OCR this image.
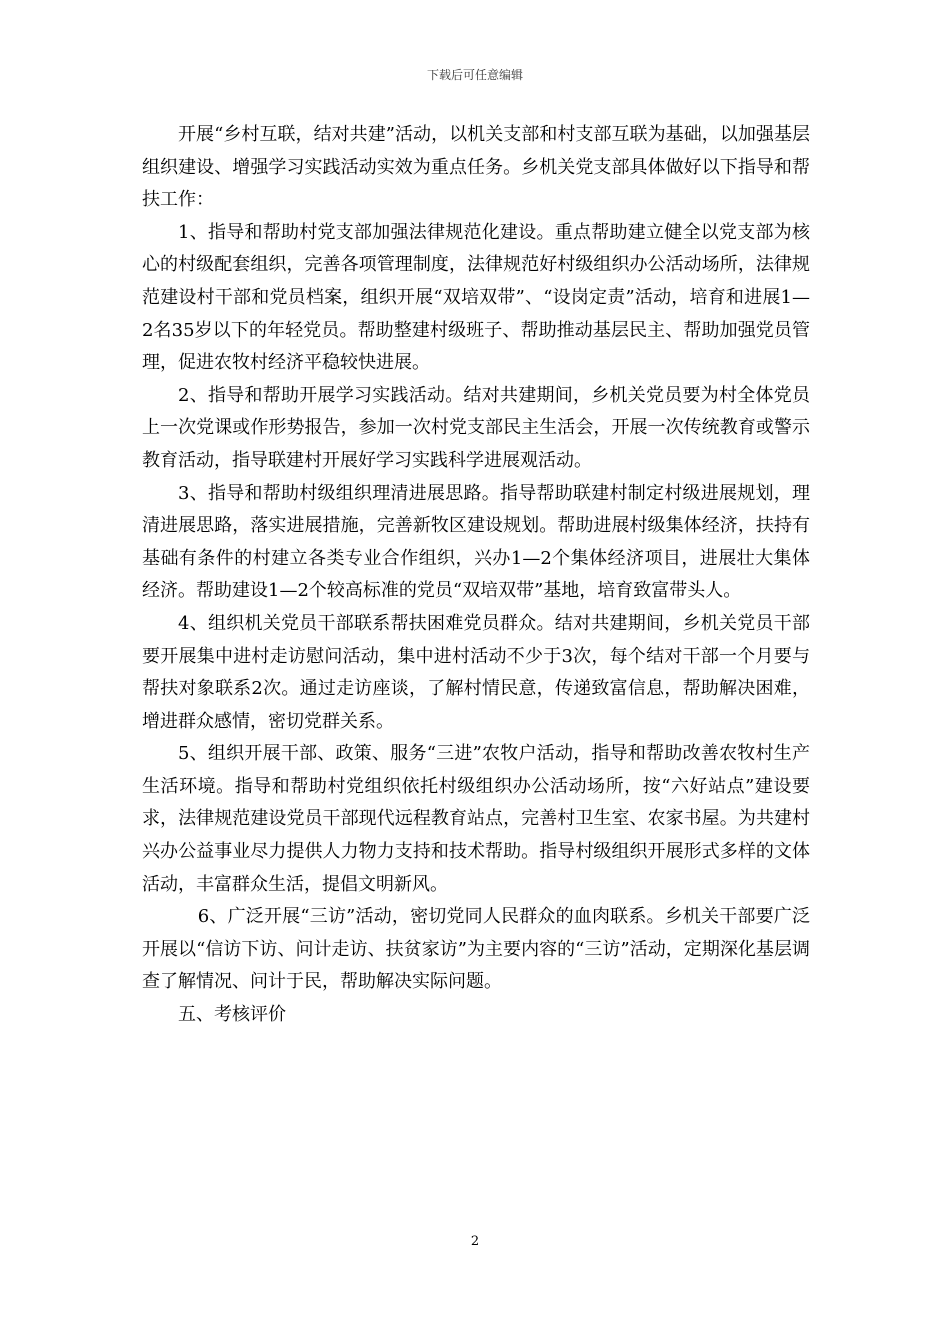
下载后可任意编辑

开展“乡村互联，结对共建”活动，以机关支部和村支部互联为基础，以加强基层组织建设、增强学习实践活动实效为重点任务。乡机关党支部具体做好以下指导和帮扶工作：

1、指导和帮助村党支部加强法律规范化建设。重点帮助建立健全以党支部为核心的村级配套组织，完善各项管理制度，法律规范好村级组织办公活动场所，法律规范建设村干部和党员档案，组织开展“双培双带”、“设岗定责”活动，培育和进展1—2名35岁以下的年轻党员。帮助整建村级班子、帮助推动基层民主、帮助加强党员管理，促进农牧村经济平稳较快进展。

2、指导和帮助开展学习实践活动。结对共建期间，乡机关党员要为村全体党员上一次党课或作形势报告，参加一次村党支部民主生活会，开展一次传统教育或警示教育活动，指导联建村开展好学习实践科学进展观活动。

3、指导和帮助村级组织理清进展思路。指导帮助联建村制定村级进展规划，理清进展思路，落实进展措施，完善新牧区建设规划。帮助进展村级集体经济，扶持有基础有条件的村建立各类专业合作组织，兴办1—2个集体经济项目，进展壮大集体经济。帮助建设1—2个较高标准的党员“双培双带”基地，培育致富带头人。

4、组织机关党员干部联系帮扶困难党员群众。结对共建期间，乡机关党员干部要开展集中进村走访慰问活动，集中进村活动不少于3次，每个结对干部一个月要与帮扶对象联系2次。通过走访座谈，了解村情民意，传递致富信息，帮助解决困难，增进群众感情，密切党群关系。

5、组织开展干部、政策、服务“三进”农牧户活动，指导和帮助改善农牧村生产生活环境。指导和帮助村党组织依托村级组织办公活动场所，按“六好站点”建设要求，法律规范建设党员干部现代远程教育站点，完善村卫生室、农家书屋。为共建村兴办公益事业尽力提供人力物力支持和技术帮助。指导村级组织开展形式多样的文体活动，丰富群众生活，提倡文明新风。

6、广泛开展“三访”活动，密切党同人民群众的血肉联系。乡机关干部要广泛开展以“信访下访、问计走访、扶贫家访”为主要内容的“三访”活动，定期深化基层调查了解情况、问计于民，帮助解决实际问题。

五、考核评价

2
